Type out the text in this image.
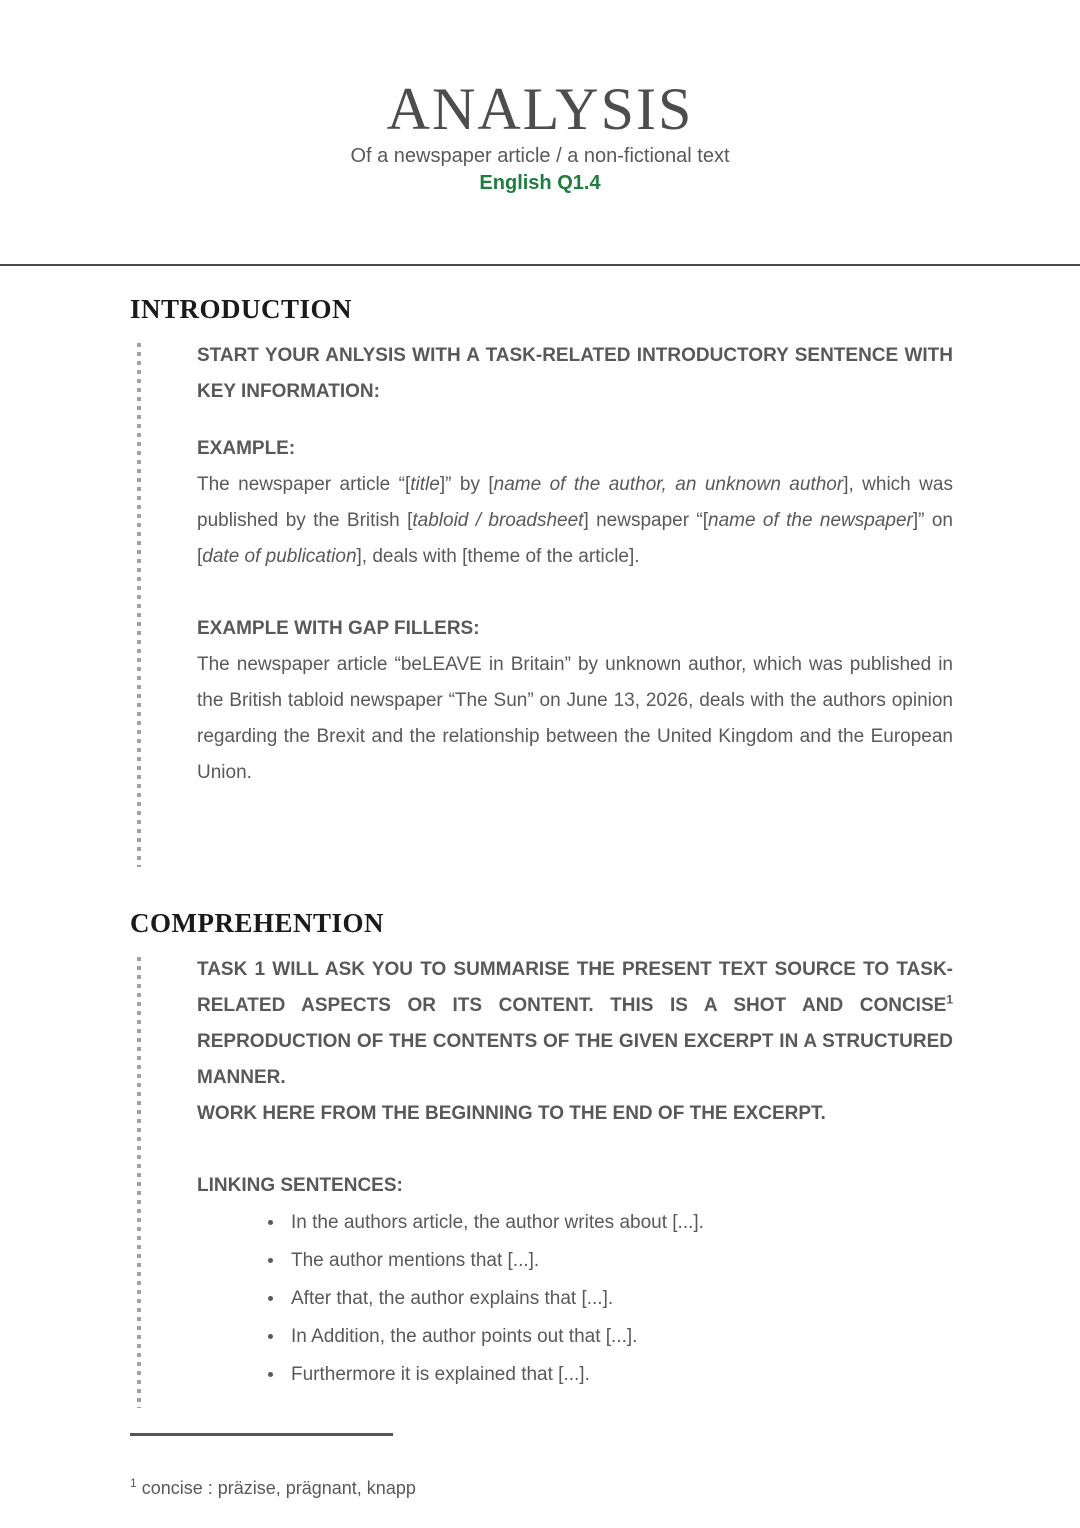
ANALYSIS

Of a newspaper article / a non-fictional text

English Q1.4

INTRODUCTION

START YOUR ANLYSIS WITH A TASK-RELATED INTRODUCTORY SENTENCE WITH KEY INFORMATION:

EXAMPLE:

The newspaper article “[title]” by [name of the author, an unknown author], which was published by the British [tabloid / broadsheet] newspaper “[name of the newspaper]” on [date of publication], deals with [theme of the article].

EXAMPLE WITH GAP FILLERS:

The newspaper article “beLEAVE in Britain” by unknown author, which was published in the British tabloid newspaper “The Sun” on June 13, 2026, deals with the authors opinion regarding the Brexit and the relationship between the United Kingdom and the European Union.

COMPREHENTION

TASK 1 WILL ASK YOU TO SUMMARISE THE PRESENT TEXT SOURCE TO TASK-RELATED ASPECTS OR ITS CONTENT. THIS IS A SHOT AND CONCISE$^1$ REPRODUCTION OF THE CONTENTS OF THE GIVEN EXCERPT IN A STRUCTURED MANNER.

WORK HERE FROM THE BEGINNING TO THE END OF THE EXCERPT.

LINKING SENTENCES:

• In the authors article, the author writes about [...].
• The author mentions that [...].
• After that, the author explains that [...].
• In Addition, the author points out that [...].
• Furthermore it is explained that [...].

$^1$ concise : präzise, prägnant, knapp
